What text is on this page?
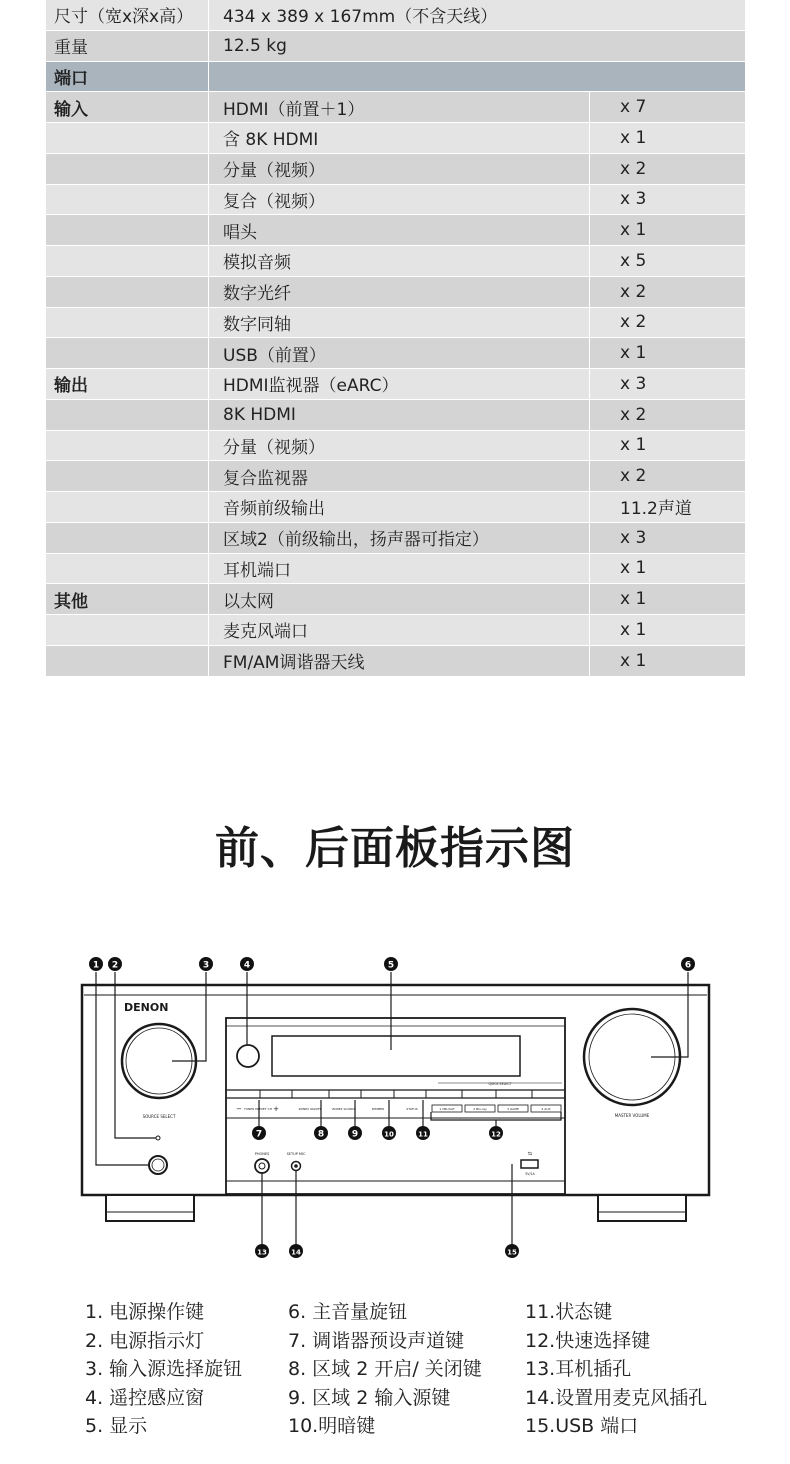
尺寸（宽x深x高）	434 x 389 x 167mm（不含天线）	
重量	12.5 kg	
端口		
输入	HDMI（前置＋1）	x 7
	含 8K HDMI	x 1
	分量（视频）	x 2
	复合（视频）	x 3
	唱头	x 1
	模拟音频	x 5
	数字光纤	x 2
	数字同轴	x 2
	USB（前置）	x 1
输出	HDMI监视器（eARC）	x 3
	8K HDMI	x 2
	分量（视频）	x 1
	复合监视器	x 2
	音频前级输出	11.2声道
	区域2（前级输出，扬声器可指定）	x 3
	耳机端口	x 1
其他	以太网	x 1
	麦克风端口	x 1
	FM/AM调谐器天线	x 1
前、后面板指示图
DENON
SOURCE SELECT	MASTER VOLUME
QUICK SELECT
−	+
TUNER PRESET CH	ZONE2 ON/OFF	ZONE2 SOURCE	DIMMER	STATUS	1 CBL/SAT	2 Blu-ray	3 GAME	4 AUX
PHONES	SETUP MIC	⇆
5V/1A
1 2	3	4	5	6
7	8	9	10	11	12
13	14	15
1. 电源操作键
2. 电源指示灯
3. 输入源选择旋钮
4. 遥控感应窗
5. 显示
6. 主音量旋钮
7. 调谐器预设声道键
8. 区域 2 开启/ 关闭键
9. 区域 2 输入源键
10.明暗键
11.状态键
12.快速选择键
13.耳机插孔
14.设置用麦克风插孔
15.USB 端口
